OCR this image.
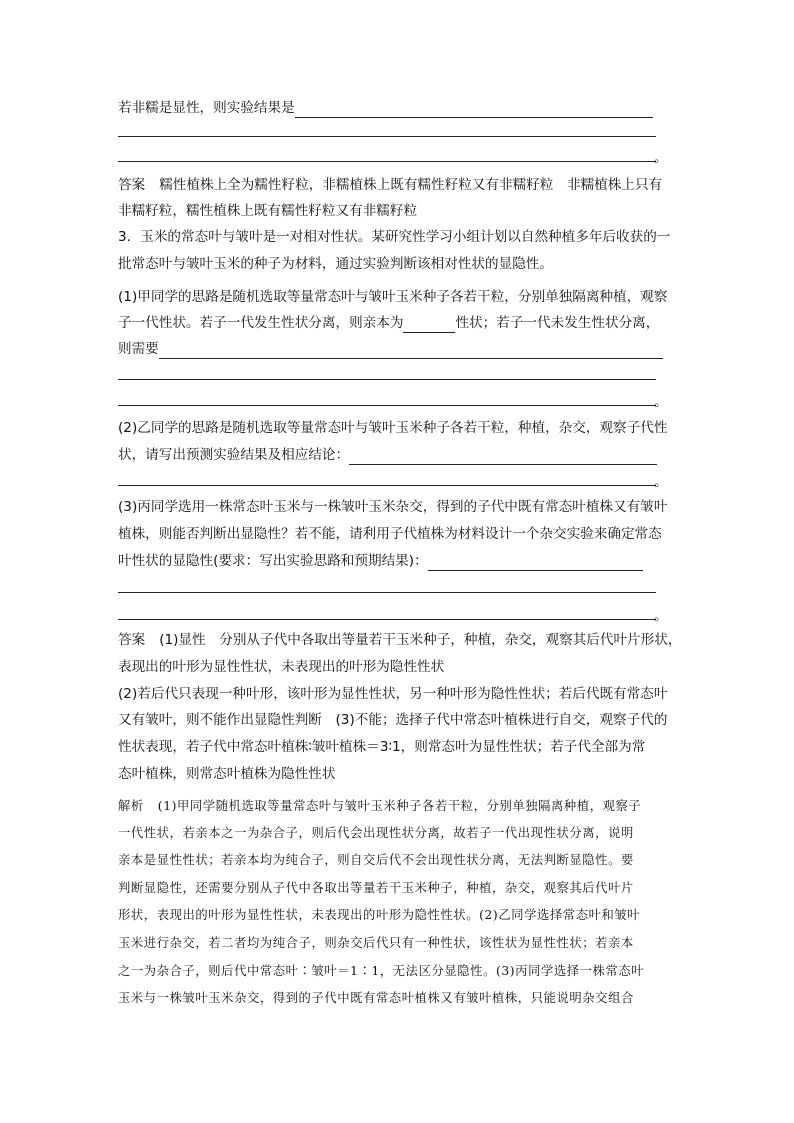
若非糯是显性，则实验结果是
。
答案 糯性植株上全为糯性籽粒，非糯植株上既有糯性籽粒又有非糯籽粒　非糯植株上只有
非糯籽粒，糯性植株上既有糯性籽粒又有非糯籽粒
3．玉米的常态叶与皱叶是一对相对性状。某研究性学习小组计划以自然种植多年后收获的一
批常态叶与皱叶玉米的种子为材料，通过实验判断该相对性状的显隐性。
(1)甲同学的思路是随机选取等量常态叶与皱叶玉米种子各若干粒，分别单独隔离种植，观察
子一代性状。若子一代发生性状分离，则亲本为	性状；若子一代未发生性状分离，
则需要
。
(2)乙同学的思路是随机选取等量常态叶与皱叶玉米种子各若干粒，种植，杂交，观察子代性
状，请写出预测实验结果及相应结论：
。
(3)丙同学选用一株常态叶玉米与一株皱叶玉米杂交，得到的子代中既有常态叶植株又有皱叶
植株，则能否判断出显隐性？若不能，请利用子代植株为材料设计一个杂交实验来确定常态
叶性状的显隐性(要求：写出实验思路和预期结果)：
。
答案 (1)显性　分别从子代中各取出等量若干玉米种子，种植，杂交，观察其后代叶片形状，
表现出的叶形为显性性状，未表现出的叶形为隐性性状
(2)若后代只表现一种叶形，该叶形为显性性状，另一种叶形为隐性性状；若后代既有常态叶
又有皱叶，则不能作出显隐性判断　(3)不能；选择子代中常态叶植株进行自交，观察子代的
性状表现，若子代中常态叶植株∶皱叶植株＝3∶1，则常态叶为显性性状；若子代全部为常
态叶植株，则常态叶植株为隐性性状
解析 (1)甲同学随机选取等量常态叶与皱叶玉米种子各若干粒，分别单独隔离种植，观察子
一代性状，若亲本之一为杂合子，则后代会出现性状分离，故若子一代出现性状分离，说明
亲本是显性性状；若亲本均为纯合子，则自交后代不会出现性状分离，无法判断显隐性。要
判断显隐性，还需要分别从子代中各取出等量若干玉米种子，种植，杂交，观察其后代叶片
形状，表现出的叶形为显性性状，未表现出的叶形为隐性性状。(2)乙同学选择常态叶和皱叶
玉米进行杂交，若二者均为纯合子，则杂交后代只有一种性状，该性状为显性性状；若亲本
之一为杂合子，则后代中常态叶∶皱叶＝1∶1，无法区分显隐性。(3)丙同学选择一株常态叶
玉米与一株皱叶玉米杂交，得到的子代中既有常态叶植株又有皱叶植株，只能说明杂交组合
